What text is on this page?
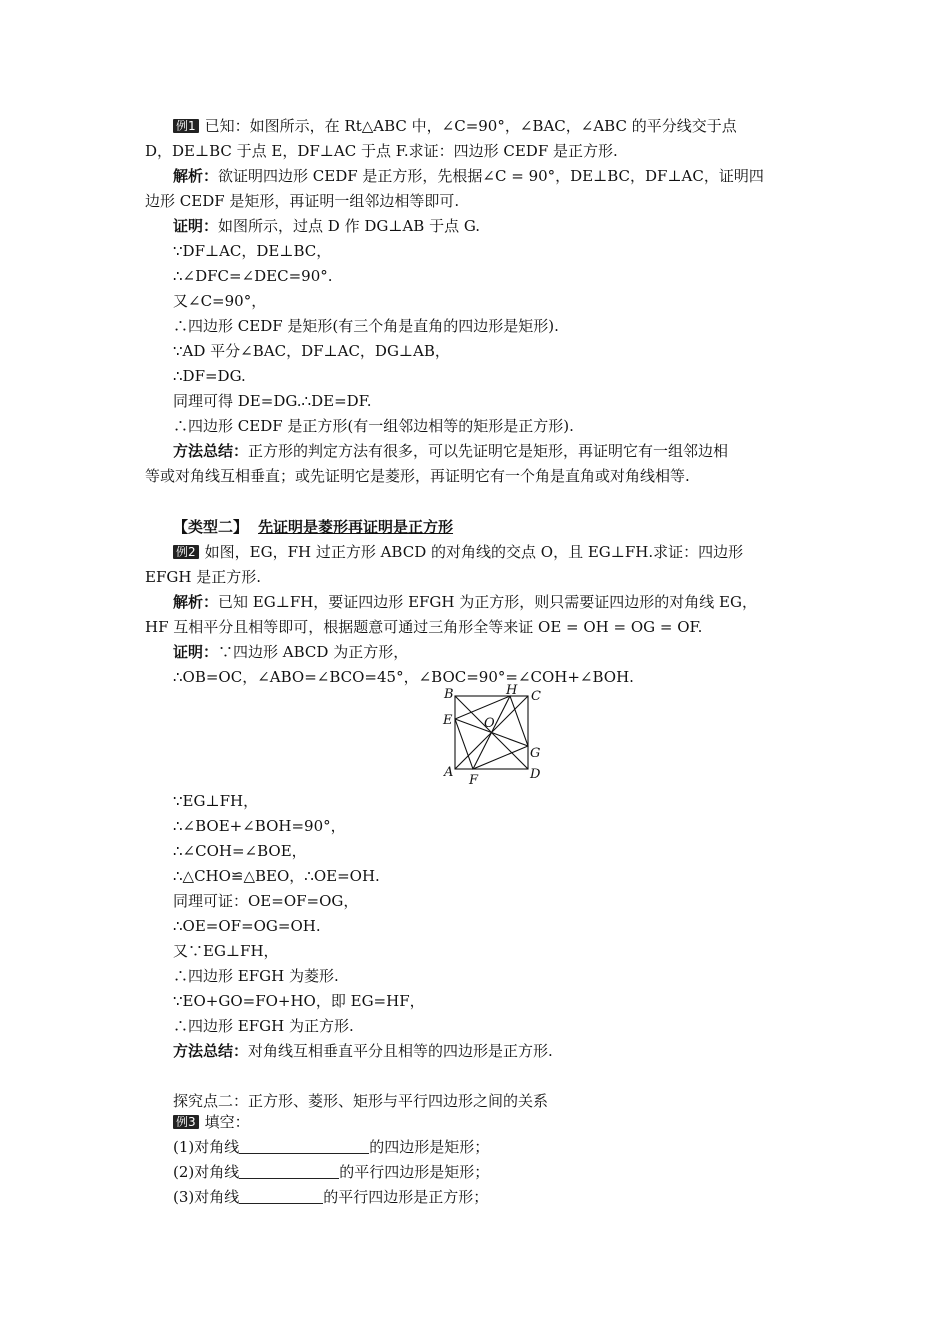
例1 已知：如图所示，在 Rt△ABC 中，∠C=90°，∠BAC，∠ABC 的平分线交于点
D，DE⊥BC 于点 E，DF⊥AC 于点 F.求证：四边形 CEDF 是正方形.
解析：欲证明四边形 CEDF 是正方形，先根据∠C = 90°，DE⊥BC，DF⊥AC，证明四
边形 CEDF 是矩形，再证明一组邻边相等即可.
证明：如图所示，过点 D 作 DG⊥AB 于点 G.
∵DF⊥AC，DE⊥BC，
∴∠DFC=∠DEC=90°.
又∠C=90°，
∴四边形 CEDF 是矩形(有三个角是直角的四边形是矩形).
∵AD 平分∠BAC，DF⊥AC，DG⊥AB，
∴DF=DG.
同理可得 DE=DG.∴DE=DF.
∴四边形 CEDF 是正方形(有一组邻边相等的矩形是正方形).
方法总结：正方形的判定方法有很多，可以先证明它是矩形，再证明它有一组邻边相
等或对角线互相垂直；或先证明它是菱形，再证明它有一个角是直角或对角线相等.
【类型二】 先证明是菱形再证明是正方形
例2 如图，EG，FH 过正方形 ABCD 的对角线的交点 O，且 EG⊥FH.求证：四边形
EFGH 是正方形.
解析：已知 EG⊥FH，要证四边形 EFGH 为正方形，则只需要证四边形的对角线 EG，
HF 互相平分且相等即可，根据题意可通过三角形全等来证 OE = OH = OG = OF.
证明：∵四边形 ABCD 为正方形，
∴OB=OC，∠ABO=∠BCO=45°，∠BOC=90°=∠COH+∠BOH.
B	H C
E O
G
A
F	D
∵EG⊥FH，
∴∠BOE+∠BOH=90°，
∴∠COH=∠BOE，
∴△CHO≌△BEO，∴OE=OH.
同理可证：OE=OF=OG，
∴OE=OF=OG=OH.
又∵EG⊥FH，
∴四边形 EFGH 为菱形.
∵EO+GO=FO+HO，即 EG=HF，
∴四边形 EFGH 为正方形.
方法总结：对角线互相垂直平分且相等的四边形是正方形.
探究点二：正方形、菱形、矩形与平行四边形之间的关系
例3 填空：
(1)对角线	的四边形是矩形；
(2)对角线	的平行四边形是矩形；
(3)对角线	的平行四边形是正方形；
